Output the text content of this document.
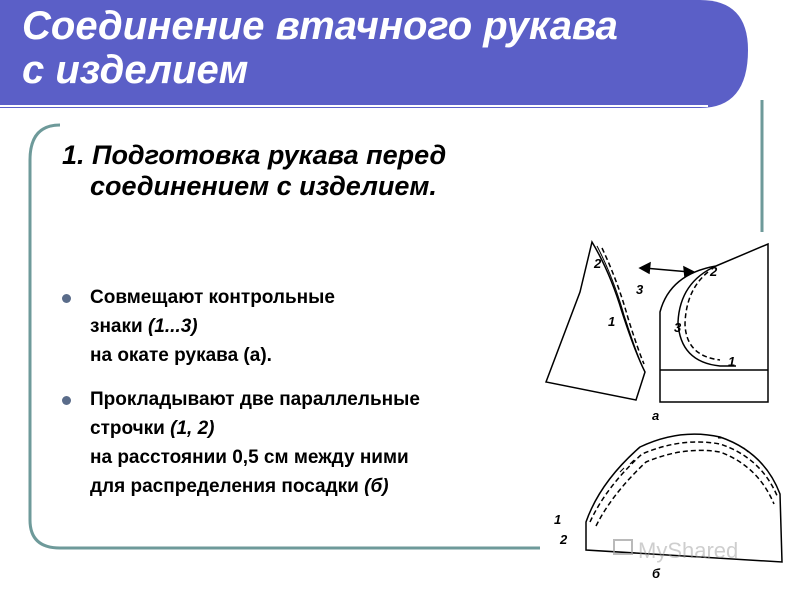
Соединение втачного рукава
с изделием
1. Подготовка рукава перед
соединением с изделием.
Совмещают контрольные
знаки (1...3)
на окате рукава (а).
Прокладывают две параллельные
строчки (1, 2)
на расстоянии 0,5 см между ними
для распределения посадки (б)
2
3
1
2
3
1
а
1
2
б
MyShared
